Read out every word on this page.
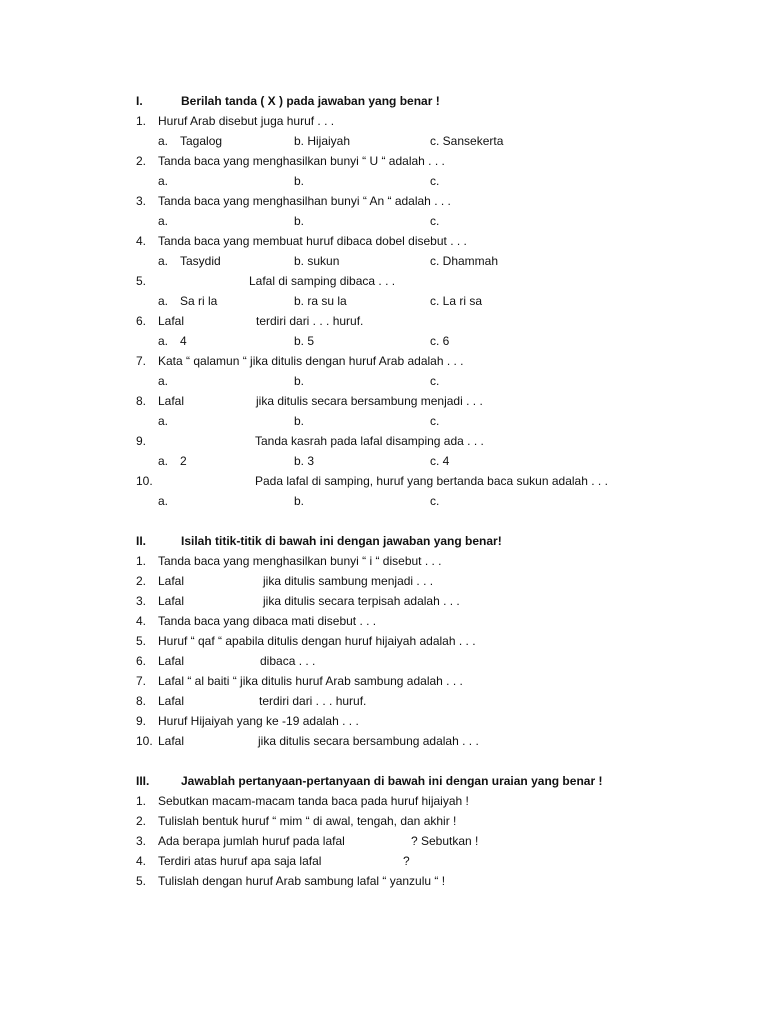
I.	Berilah tanda ( X ) pada jawaban yang benar !
1. Huruf Arab disebut juga huruf . . .
a. Tagalog	b. Hijaiyah	c. Sansekerta
2. Tanda baca yang menghasilkan bunyi “ U “ adalah . . .
a.	b.	c.
3. Tanda baca yang menghasilhan bunyi “ An “ adalah . . .
a.	b.	c.
4. Tanda baca yang membuat huruf dibaca dobel disebut . . .
a. Tasydid	b. sukun	c. Dhammah
5.	Lafal di samping dibaca . . .
a. Sa ri la	b. ra su la	c. La ri sa
6. Lafal	terdiri dari . . . huruf.
a. 4	b. 5	c. 6
7. Kata “ qalamun “ jika ditulis dengan huruf Arab adalah . . .
a.	b.	c.
8. Lafal	jika ditulis secara bersambung menjadi . . .
a.	b.	c.
9.	Tanda kasrah pada lafal disamping ada . . .
a. 2	b. 3	c. 4
10.	Pada lafal di samping, huruf yang bertanda baca sukun adalah . . .
a.	b.	c.
II.	Isilah titik-titik di bawah ini dengan jawaban yang benar!
1. Tanda baca yang menghasilkan bunyi “ i “ disebut . . .
2. Lafal	jika ditulis sambung menjadi . . .
3. Lafal	jika ditulis secara terpisah adalah . . .
4. Tanda baca yang dibaca mati disebut . . .
5. Huruf “ qaf “ apabila ditulis dengan huruf hijaiyah adalah . . .
6. Lafal	dibaca . . .
7. Lafal “ al baiti “ jika ditulis huruf Arab sambung adalah . . .
8. Lafal	terdiri dari . . . huruf.
9. Huruf Hijaiyah yang ke -19 adalah . . .
10. Lafal	jika ditulis secara bersambung adalah . . .
III.	Jawablah pertanyaan-pertanyaan di bawah ini dengan uraian yang benar !
1. Sebutkan macam-macam tanda baca pada huruf hijaiyah !
2. Tulislah bentuk huruf “ mim “ di awal, tengah, dan akhir !
3. Ada berapa jumlah huruf pada lafal	? Sebutkan !
4. Terdiri atas huruf apa saja lafal	?
5. Tulislah dengan huruf Arab sambung lafal “ yanzulu “ !
